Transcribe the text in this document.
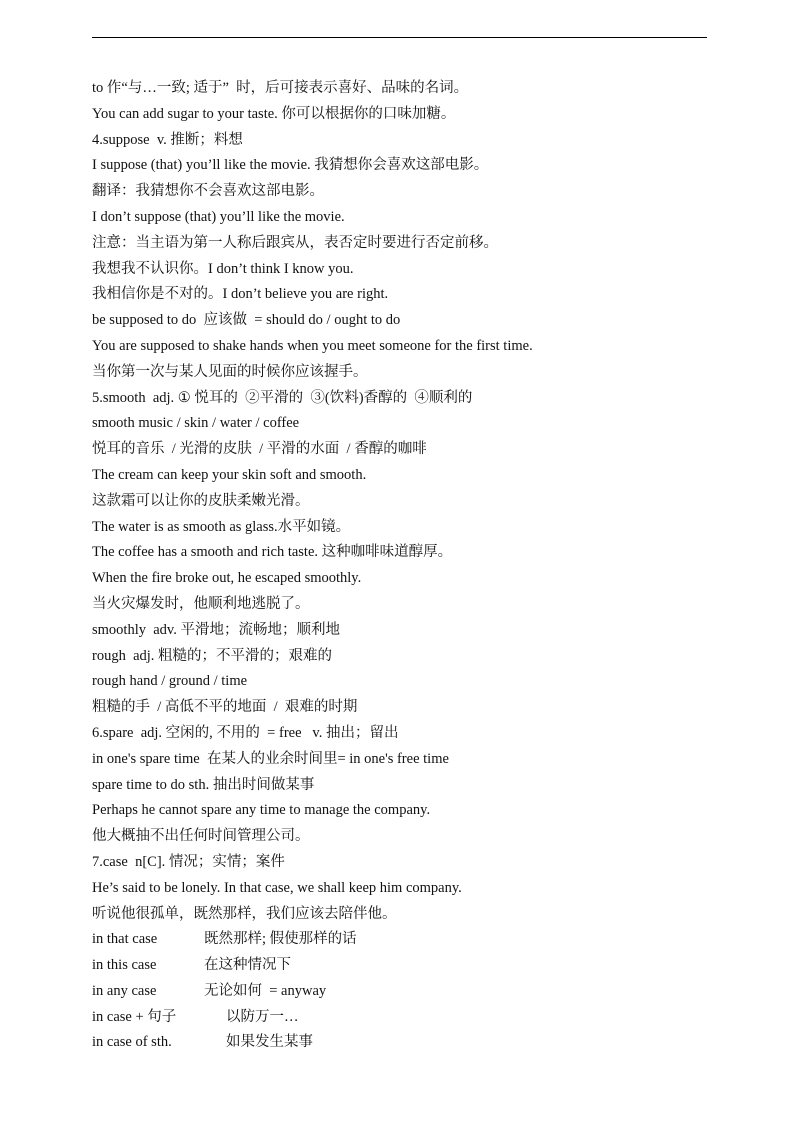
to 作“与…一致; 适于”  时，后可接表示喜好、品味的名词。
You can add sugar to your taste. 你可以根据你的口味加糖。
4.suppose  v. 推断；料想
I suppose (that) you’ll like the movie. 我猜想你会喜欢这部电影。
翻译：我猜想你不会喜欢这部电影。
I don’t suppose (that) you’ll like the movie.
注意：当主语为第一人称后跟宾从，表否定时要进行否定前移。
我想我不认识你。I don’t think I know you.
我相信你是不对的。I don’t believe you are right.
be supposed to do  应该做  = should do / ought to do
You are supposed to shake hands when you meet someone for the first time.
当你第一次与某人见面的时候你应该握手。
5.smooth  adj. ① 悦耳的  ②平滑的  ③(饮料)香醇的  ④顺利的
smooth music / skin / water / coffee
悦耳的音乐  / 光滑的皮肤  / 平滑的水面  / 香醇的咖啡
The cream can keep your skin soft and smooth.
这款霜可以让你的皮肤柔嫩光滑。
The water is as smooth as glass.水平如镜。
The coffee has a smooth and rich taste. 这种咖啡味道醇厚。
When the fire broke out, he escaped smoothly.
当火灾爆发时，他顺利地逃脱了。
smoothly  adv. 平滑地；流畅地；顺利地
rough  adj. 粗糙的；不平滑的；艰难的
rough hand / ground / time
粗糙的手  / 高低不平的地面  /  艰难的时期
6.spare  adj. 空闲的, 不用的  = free   v. 抽出；留出
in one's spare time  在某人的业余时间里= in one's free time
spare time to do sth. 抽出时间做某事
Perhaps he cannot spare any time to manage the company.
他大概抽不出任何时间管理公司。
7.case  n[C]. 情况；实情；案件
He’s said to be lonely. In that case, we shall keep him company.
听说他很孤单，既然那样，我们应该去陪伴他。
in that case	既然那样; 假使那样的话
in this case	在这种情况下
in any case	无论如何  = anyway
in case + 句子	以防万一…
in case of sth.	如果发生某事
